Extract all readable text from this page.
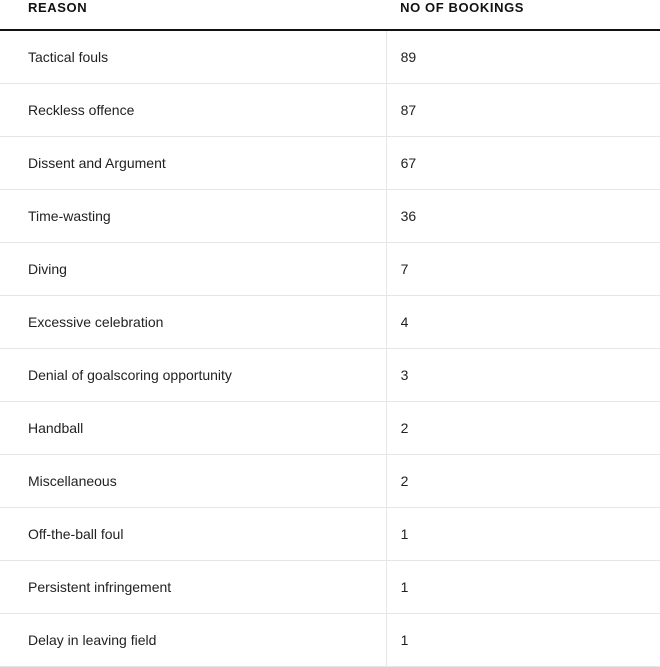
REASON	NO OF BOOKINGS
Tactical fouls	89
Reckless offence	87
Dissent and Argument	67
Time-wasting	36
Diving	7
Excessive celebration	4
Denial of goalscoring opportunity	3
Handball	2
Miscellaneous	2
Off-the-ball foul	1
Persistent infringement	1
Delay in leaving field	1
